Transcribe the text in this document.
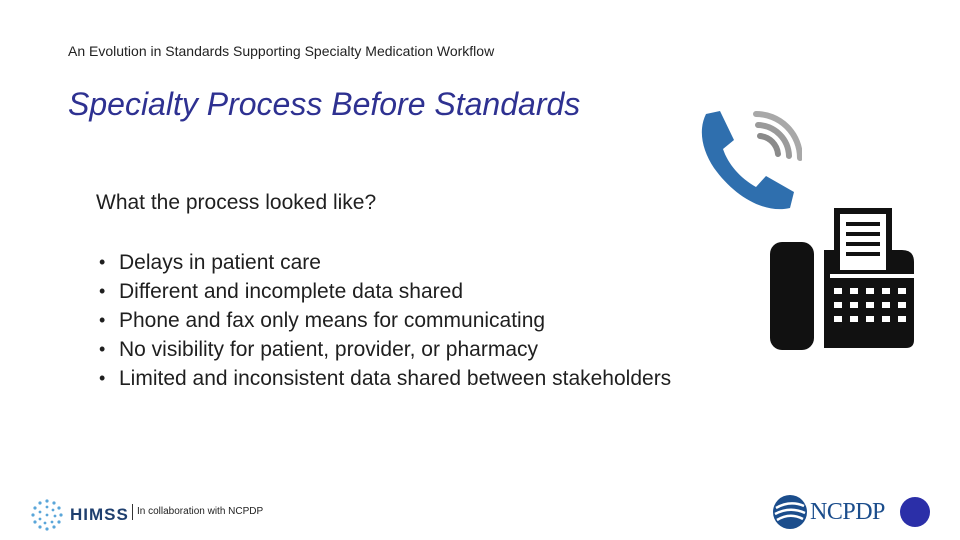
An Evolution in Standards Supporting Specialty Medication Workflow
Specialty Process Before Standards
What the process looked like?
• Delays in patient care
• Different and incomplete data shared
• Phone and fax only means for communicating
• No visibility for patient, provider, or pharmacy
• Limited and inconsistent data shared between stakeholders
HIMSS In collaboration with NCPDP	NCPDP
